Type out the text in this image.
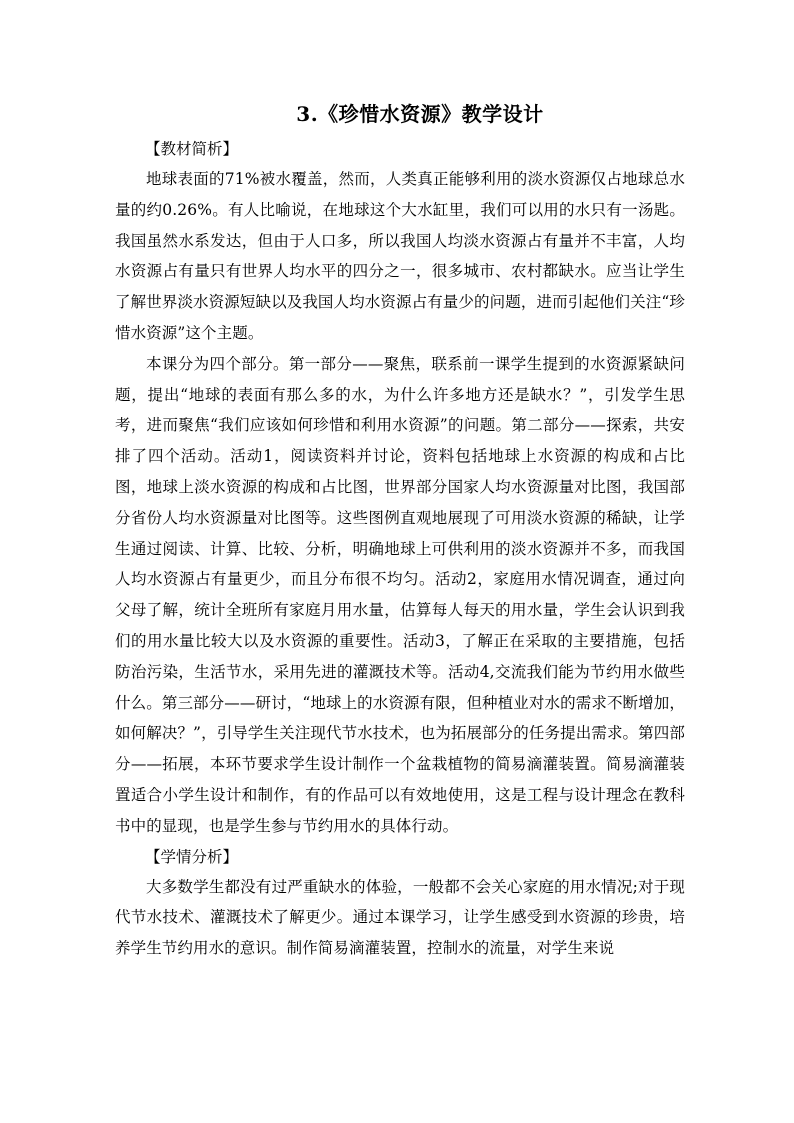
3.《珍惜水资源》教学设计

【教材简析】

地球表面的71%被水覆盖，然而，人类真正能够利用的淡水资源仅占地球总水量的约0.26%。有人比喻说，在地球这个大水缸里，我们可以用的水只有一汤匙。我国虽然水系发达，但由于人口多，所以我国人均淡水资源占有量并不丰富，人均水资源占有量只有世界人均水平的四分之一，很多城市、农村都缺水。应当让学生了解世界淡水资源短缺以及我国人均水资源占有量少的问题，进而引起他们关注“珍惜水资源”这个主题。

本课分为四个部分。第一部分——聚焦，联系前一课学生提到的水资源紧缺问题，提出“地球的表面有那么多的水，为什么许多地方还是缺水？”，引发学生思考，进而聚焦“我们应该如何珍惜和利用水资源”的问题。第二部分——探索，共安排了四个活动。活动1，阅读资料并讨论，资料包括地球上水资源的构成和占比图，地球上淡水资源的构成和占比图，世界部分国家人均水资源量对比图，我国部分省份人均水资源量对比图等。这些图例直观地展现了可用淡水资源的稀缺，让学生通过阅读、计算、比较、分析，明确地球上可供利用的淡水资源并不多，而我国人均水资源占有量更少，而且分布很不均匀。活动2，家庭用水情况调查，通过向父母了解，统计全班所有家庭月用水量，估算每人每天的用水量，学生会认识到我们的用水量比较大以及水资源的重要性。活动3，了解正在采取的主要措施，包括防治污染，生活节水，采用先进的灌溉技术等。活动4,交流我们能为节约用水做些什么。第三部分——研讨，“地球上的水资源有限，但种植业对水的需求不断增加，如何解决？”，引导学生关注现代节水技术，也为拓展部分的任务提出需求。第四部分——拓展，本环节要求学生设计制作一个盆栽植物的简易滴灌装置。简易滴灌装置适合小学生设计和制作，有的作品可以有效地使用，这是工程与设计理念在教科书中的显现，也是学生参与节约用水的具体行动。

【学情分析】

大多数学生都没有过严重缺水的体验，一般都不会关心家庭的用水情况;对于现代节水技术、灌溉技术了解更少。通过本课学习，让学生感受到水资源的珍贵，培养学生节约用水的意识。制作简易滴灌装置，控制水的流量，对学生来说
